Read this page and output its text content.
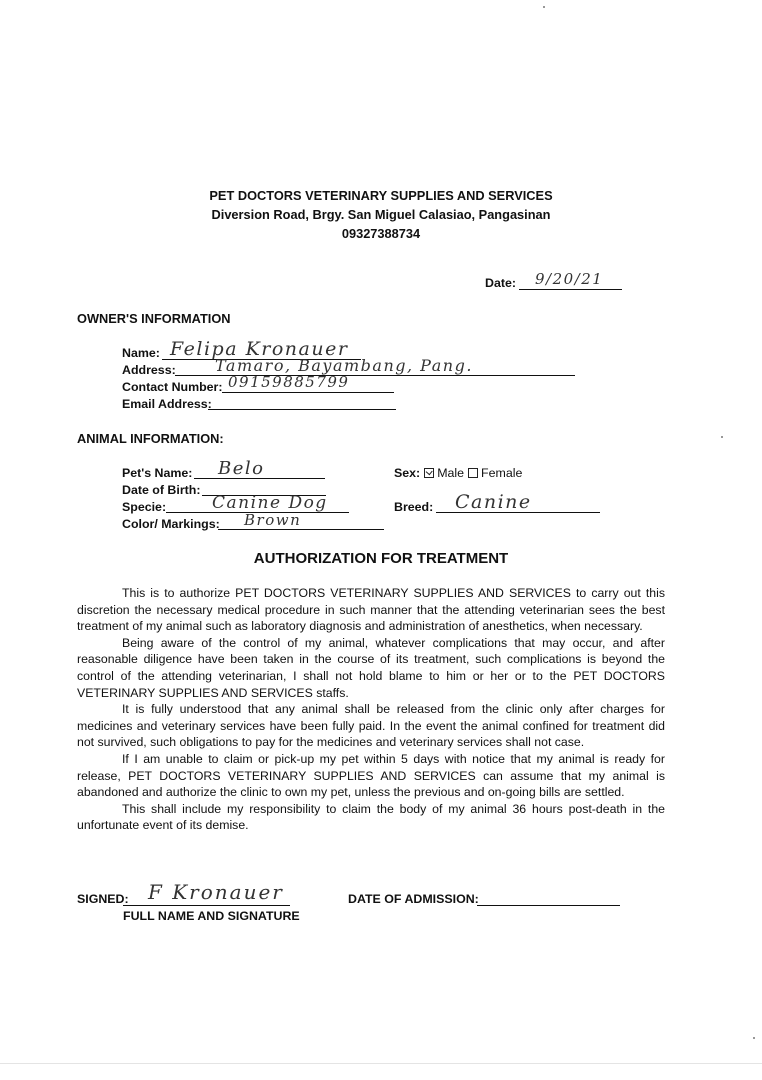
PET DOCTORS VETERINARY SUPPLIES AND SERVICES
Diversion Road, Brgy. San Miguel Calasiao, Pangasinan
09327388734
Date: 9/20/21
OWNER'S INFORMATION
Name: Felipa Kronauer
Address: Tamaro, Bayambang, Pang.
Contact Number: 09159885799
Email Address:
ANIMAL INFORMATION:
Pet's Name: Belo
Date of Birth:
Specie:	Canine Dog
Color/ Markings: Brown
Sex: Male Female
Breed: Canine
AUTHORIZATION FOR TREATMENT

This is to authorize PET DOCTORS VETERINARY SUPPLIES AND SERVICES to carry out this discretion the necessary medical procedure in such manner that the attending veterinarian sees the best treatment of my animal such as laboratory diagnosis and administration of anesthetics, when necessary.

Being aware of the control of my animal, whatever complications that may occur, and after reasonable diligence have been taken in the course of its treatment, such complications is beyond the control of the attending veterinarian, I shall not hold blame to him or her or to the PET DOCTORS VETERINARY SUPPLIES AND SERVICES staffs.

It is fully understood that any animal shall be released from the clinic only after charges for medicines and veterinary services have been fully paid. In the event the animal confined for treatment did not survived, such obligations to pay for the medicines and veterinary services shall not case.

If I am unable to claim or pick-up my pet within 5 days with notice that my animal is ready for release, PET DOCTORS VETERINARY SUPPLIES AND SERVICES can assume that my animal is abandoned and authorize the clinic to own my pet, unless the previous and on-going bills are settled.

This shall include my responsibility to claim the body of my animal 36 hours post-death in the unfortunate event of its demise.

SIGNED: F Kronauer
FULL NAME AND SIGNATURE
DATE OF ADMISSION:
